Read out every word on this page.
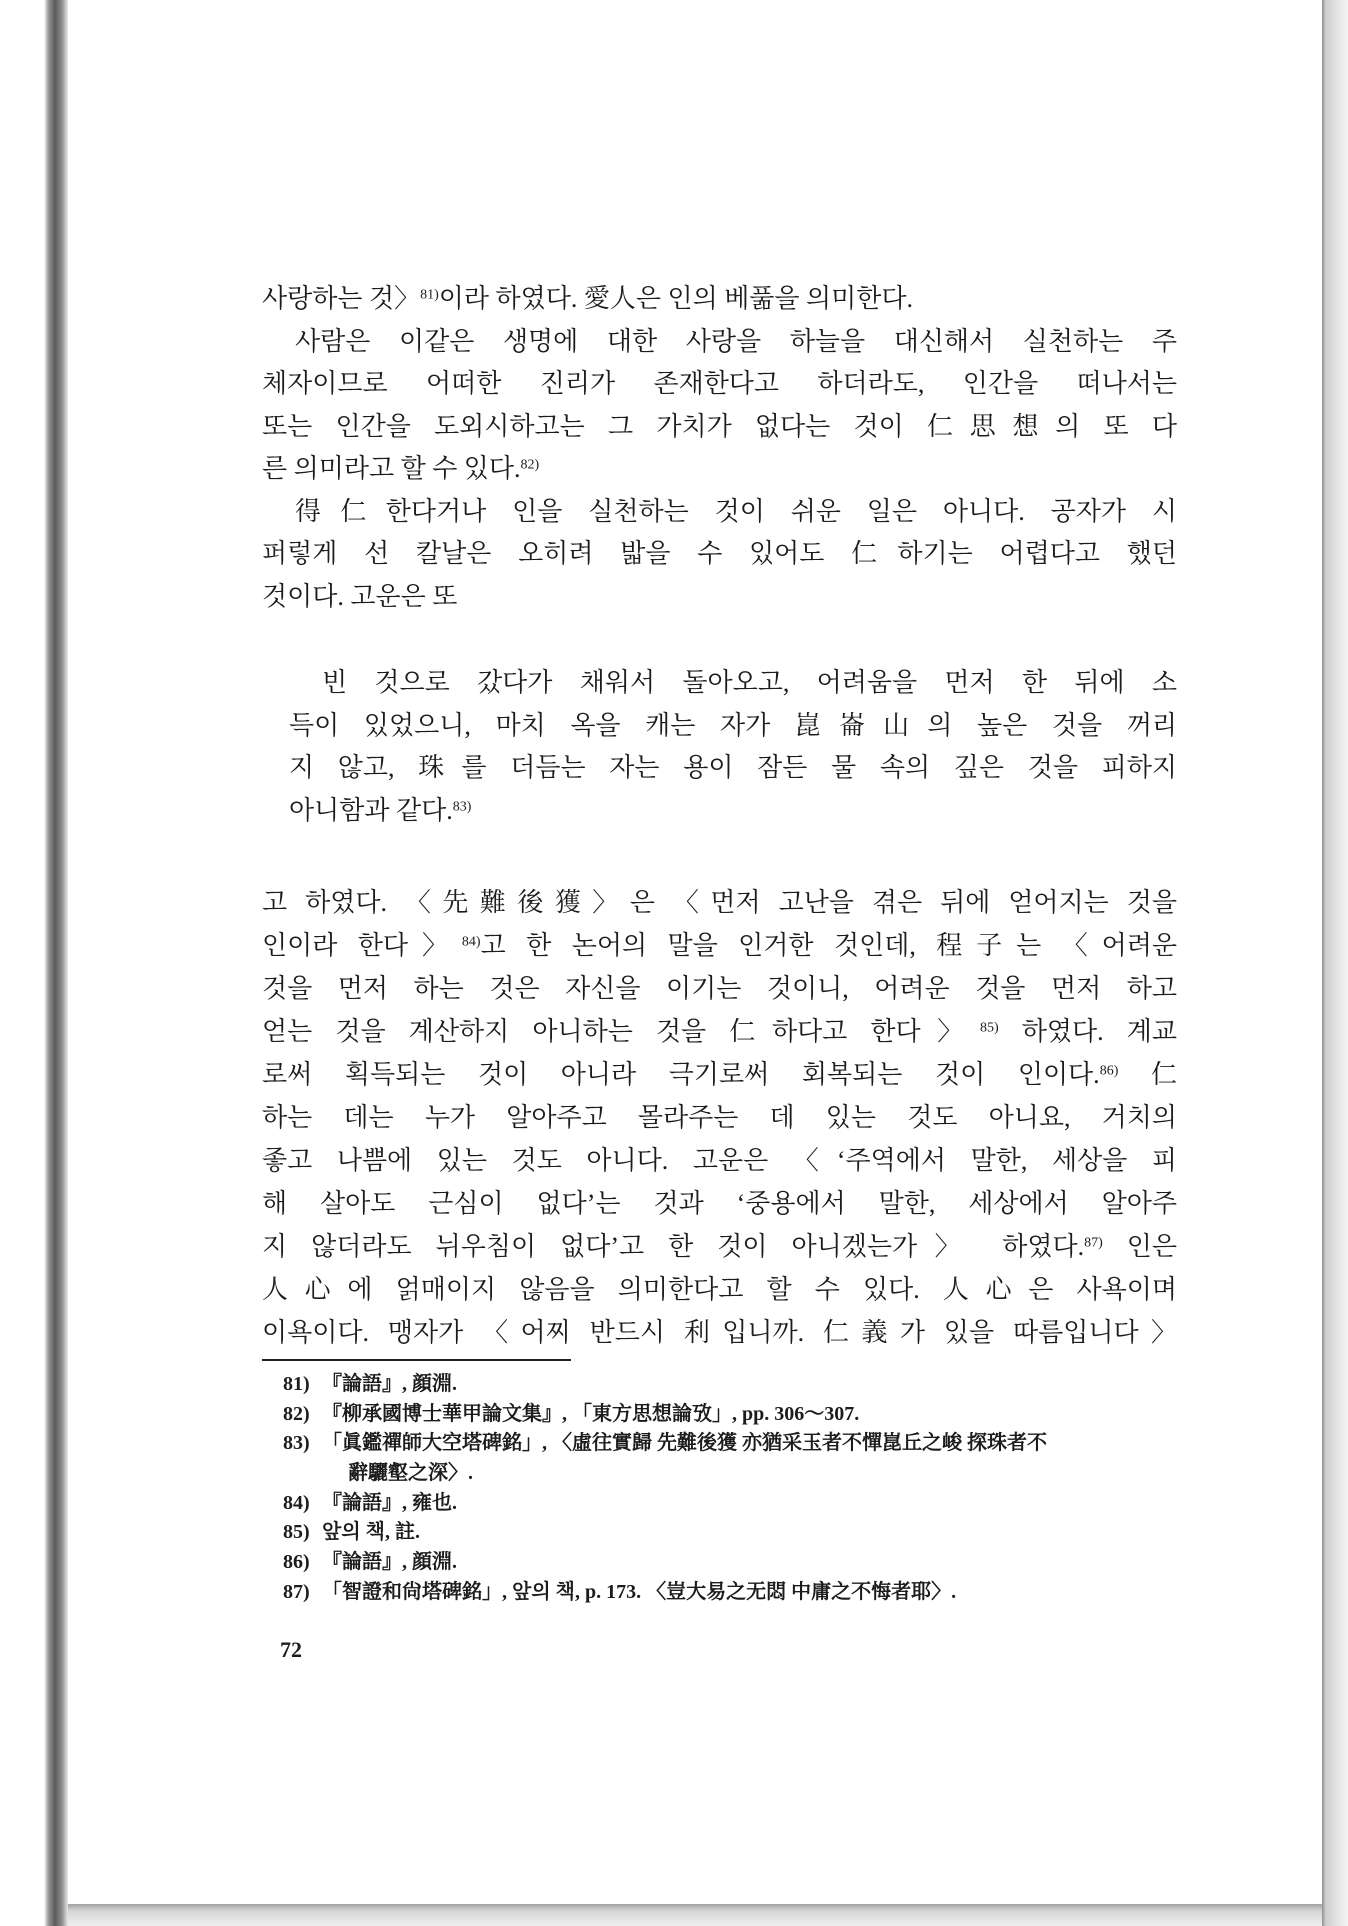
사랑하는 것〉$^{81)}$이라 하였다. 愛人은 인의 베풂을 의미한다.
사람은 이같은 생명에 대한 사랑을 하늘을 대신해서 실천하는 주
체자이므로 어떠한 진리가 존재한다고 하더라도, 인간을 떠나서는
또는 인간을 도외시하고는 그 가치가 없다는 것이 仁思想의 또 다
른 의미라고 할 수 있다.$^{82)}$
得仁한다거나 인을 실천하는 것이 쉬운 일은 아니다. 공자가 시
퍼렇게 선 칼날은 오히려 밟을 수 있어도 仁하기는 어렵다고 했던
것이다. 고운은 또
빈 것으로 갔다가 채워서 돌아오고, 어려움을 먼저 한 뒤에 소
득이 있었으니, 마치 옥을 캐는 자가 崑崙山의 높은 것을 꺼리
지 않고, 珠를 더듬는 자는 용이 잠든 물 속의 깊은 것을 피하지
아니함과 같다.$^{83)}$
고 하였다. 〈先難後獲〉은 〈먼저 고난을 겪은 뒤에 얻어지는 것을
인이라 한다〉$^{84)}$고 한 논어의 말을 인거한 것인데, 程子는 〈어려운
것을 먼저 하는 것은 자신을 이기는 것이니, 어려운 것을 먼저 하고
얻는 것을 계산하지 아니하는 것을 仁하다고 한다〉$^{85)}$ 하였다. 계교
로써 획득되는 것이 아니라 극기로써 회복되는 것이 인이다.$^{86)}$ 仁
하는 데는 누가 알아주고 몰라주는 데 있는 것도 아니요, 거치의
좋고 나쁨에 있는 것도 아니다. 고운은 〈‘주역에서 말한, 세상을 피
해 살아도 근심이 없다’는 것과 ‘중용에서 말한, 세상에서 알아주
지 않더라도 뉘우침이 없다’고 한 것이 아니겠는가〉 하였다.$^{87)}$ 인은
人心에 얽매이지 않음을 의미한다고 할 수 있다. 人心은 사욕이며
이욕이다. 맹자가 〈어찌 반드시 利입니까. 仁義가 있을 따름입니다〉
81) 『論語』, 顔淵.
82) 『柳承國博士華甲論文集』, 「東方思想論攷」, pp. 306～307.
83) 「眞鑑禪師大空塔碑銘」, 〈虛往實歸 先難後獲 亦猶采玉者不憚崑丘之峻 探珠者不
辭驪壑之深〉.
84) 『論語』, 雍也.
85) 앞의 책, 註.
86) 『論語』, 顔淵.
87) 「智證和尙塔碑銘」, 앞의 책, p. 173. 〈豈大易之无悶 中庸之不悔者耶〉.
72
